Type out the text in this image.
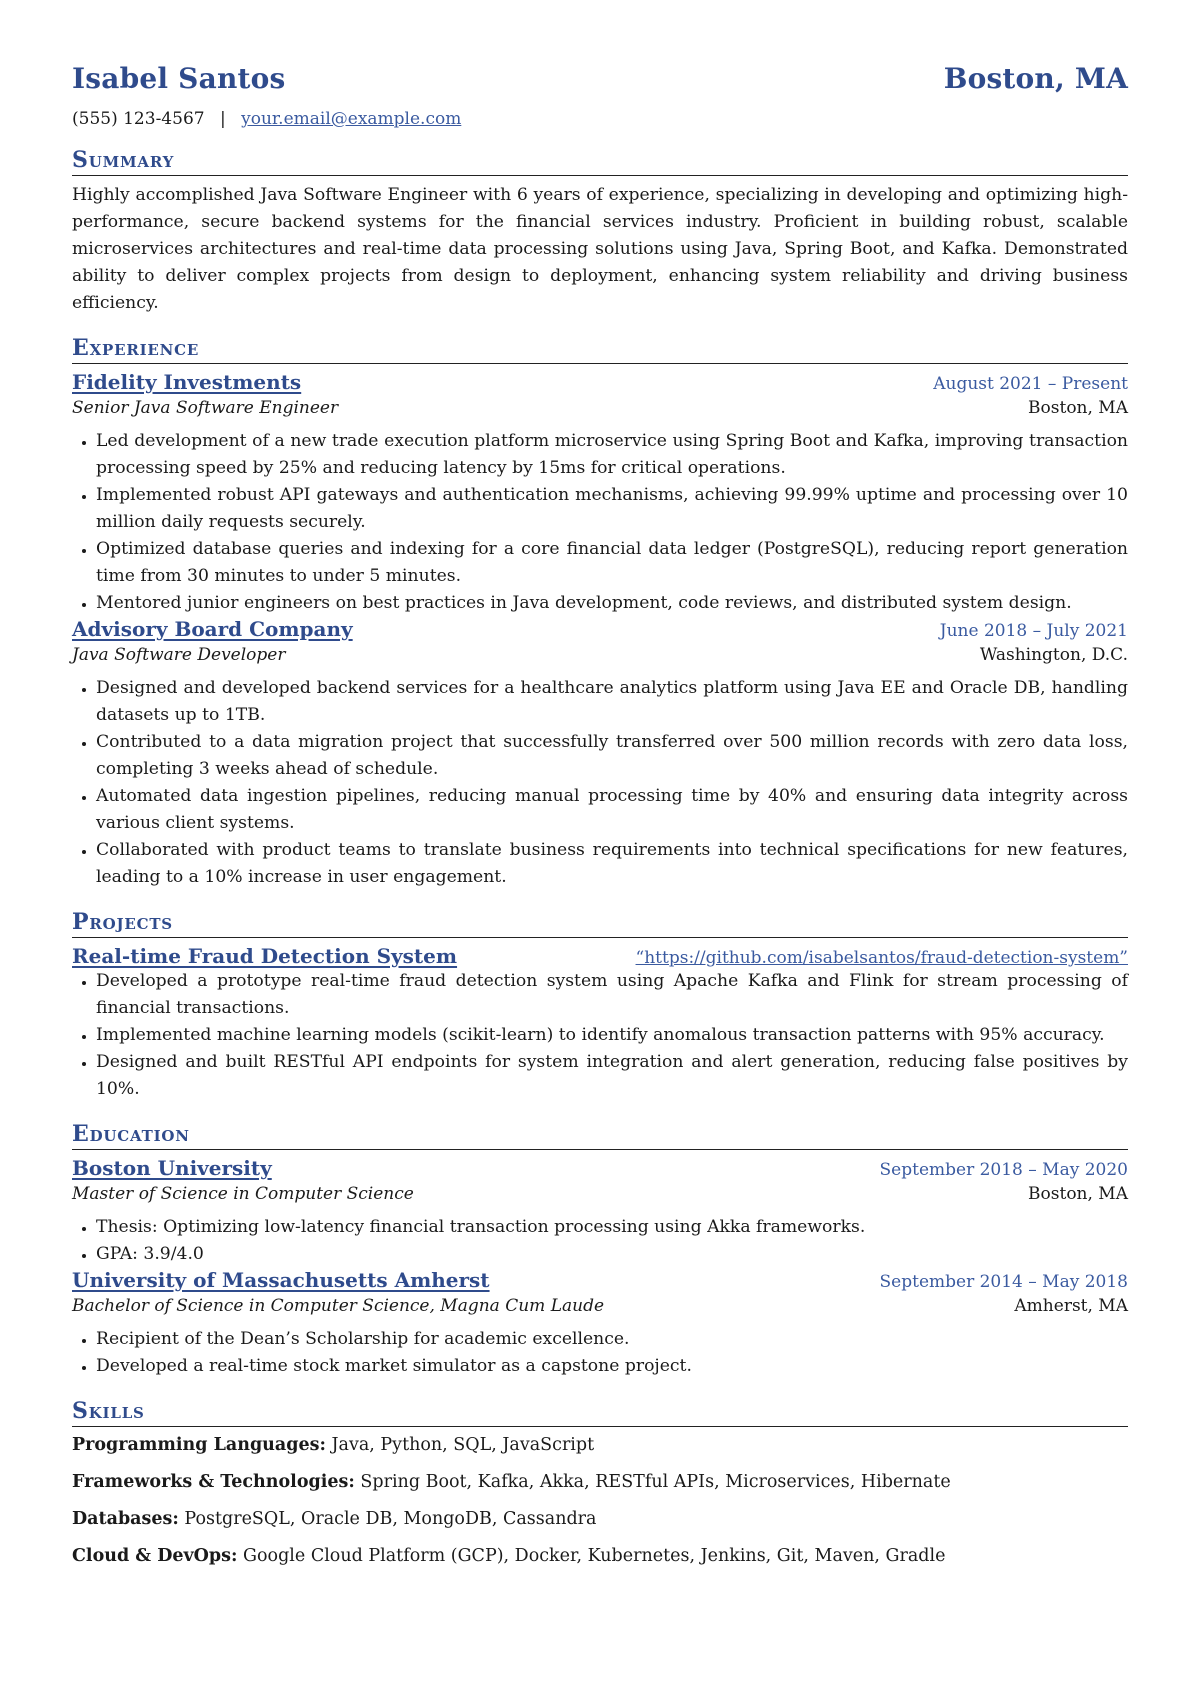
Isabel Santos	Boston, MA
(555) 123-4567 | your.email@example.com
Summary
Highly accomplished Java Software Engineer with 6 years of experience, specializing in developing and optimizing high-performance, secure backend systems for the financial services industry. Proficient in building robust, scalable microservices architectures and real-time data processing solutions using Java, Spring Boot, and Kafka. Demonstrated ability to deliver complex projects from design to deployment, enhancing system reliability and driving business efficiency.
Experience
Fidelity Investments	August 2021 – Present
Senior Java Software Engineer	Boston, MA
• Led development of a new trade execution platform microservice using Spring Boot and Kafka, improving transaction processing speed by 25% and reducing latency by 15ms for critical operations.
• Implemented robust API gateways and authentication mechanisms, achieving 99.99% uptime and processing over 10 million daily requests securely.
• Optimized database queries and indexing for a core financial data ledger (PostgreSQL), reducing report generation time from 30 minutes to under 5 minutes.
• Mentored junior engineers on best practices in Java development, code reviews, and distributed system design.
Advisory Board Company	June 2018 – July 2021
Java Software Developer	Washington, D.C.
• Designed and developed backend services for a healthcare analytics platform using Java EE and Oracle DB, handling datasets up to 1TB.
• Contributed to a data migration project that successfully transferred over 500 million records with zero data loss, completing 3 weeks ahead of schedule.
• Automated data ingestion pipelines, reducing manual processing time by 40% and ensuring data integrity across various client systems.
• Collaborated with product teams to translate business requirements into technical specifications for new features, leading to a 10% increase in user engagement.
Projects
Real-time Fraud Detection System	“https://github.com/isabelsantos/fraud-detection-system”
• Developed a prototype real-time fraud detection system using Apache Kafka and Flink for stream processing of financial transactions.
• Implemented machine learning models (scikit-learn) to identify anomalous transaction patterns with 95% accuracy.
• Designed and built RESTful API endpoints for system integration and alert generation, reducing false positives by 10%.
Education
Boston University	September 2018 – May 2020
Master of Science in Computer Science	Boston, MA
• Thesis: Optimizing low-latency financial transaction processing using Akka frameworks.
• GPA: 3.9/4.0
University of Massachusetts Amherst	September 2014 – May 2018
Bachelor of Science in Computer Science, Magna Cum Laude	Amherst, MA
• Recipient of the Dean’s Scholarship for academic excellence.
• Developed a real-time stock market simulator as a capstone project.
Skills
Programming Languages: Java, Python, SQL, JavaScript
Frameworks & Technologies: Spring Boot, Kafka, Akka, RESTful APIs, Microservices, Hibernate
Databases: PostgreSQL, Oracle DB, MongoDB, Cassandra
Cloud & DevOps: Google Cloud Platform (GCP), Docker, Kubernetes, Jenkins, Git, Maven, Gradle
